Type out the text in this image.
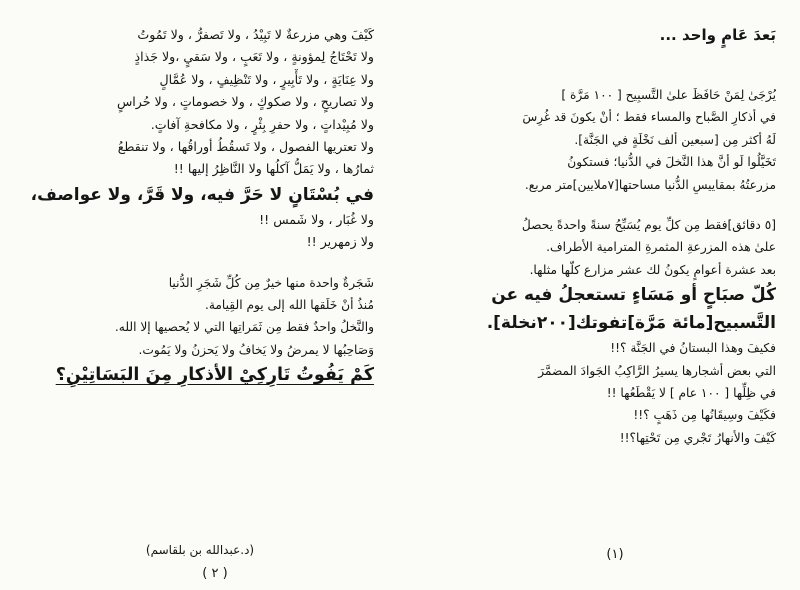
كَيْفَ وهي مزرعةٌ لا تَبِيْدُ ، ولا تَصفرُّ ، ولا تَمُوتُ
ولا تَحْتَاجُ لِمؤونةٍ ، ولا تَعَبٍ ، ولا سَقيٍ ،ولا جَذاذٍ
ولا عِنَايَةٍ ، ولا تَأْبِيرٍ ، ولا تَنْظِيفٍ ، ولا عُمَّالٍ
ولا تصاريحٍ ، ولا صكوكٍ ، ولا خصوماتٍ ، ولا حُراسٍ
ولا مُبِيْداتٍ ، ولا حفرِ بِئْرٍ ، ولا مكافحةِ آفاتٍ.
ولا تعتريها الفصول ، ولا تَسقُطُ أوراقُها ، ولا تنقطعُ
ثمارُها ، ولا يَمَلُّ آكلُها ولا النَّاظِرُ إليها !!
في بُسْتَانٍ لا حَرَّ فيه، ولا قَرَّ، ولا عواصف،
ولا غُبَار ، ولا شَمس !!
ولا زمهرير !!
شَجَرةٌ واحدة منها خيرٌ مِن كُلِّ شَجَرِ الدُّنيا
مُنذُ أنْ خَلَقها الله إلى يوم القِيامة.
والنَّخلُ واحدٌ فقط مِن ثَمَراتِها التي لا يُحصيها إلا الله.
وَصَاحِبُها لا يمرضُ ولا يَخافُ ولا يَحزنُ ولا يَمُوت.
كَمْ يَفُوتُ تَارِكِيْ الأذكارِ مِنَ البَسَاتِيْنِ؟
(د.عبدالله بن بلقاسم)
( ٢ )
بَعدَ عَامٍ واحد ...
يُرْجَىٰ لِمَنْ حَافَظَ علىٰ التَّسبِيح [ ١٠٠ مَرَّة ]
في أذكارِ الصَّباح والمساء فقط ؛ أنْ يكونَ قد غُرِسَ
لَهُ أكثر مِن [سبعين ألف نَخْلَةٍ في الجَنَّة].
تَخَيَّلُوا لَو أنَّ هذا النَّخلَ في الدُّنيا؛ فستكونُ
مزرعتُهُ بمقاييسِ الدُّنيا مساحتها[٧ملايين]متر مربع.
[٥ دقائق]فقط مِن كلِّ يوم يُسَبِّحُ سنةً واحدةً يحصلُ
علىٰ هذه المزرعةِ المثمرةِ المترامية الأطراف.
بعد عشرة أعوامٍ يكونُ لك عشر مزارع كلّها مثلها.
كُلّ صبَاحٍ أو مَسَاءٍ تستعجلُ فيه عن
التَّسبيح[مائة مَرَّة]تفوتك[٢٠٠نخلة].
فكيفَ وهذا البستانُ في الجَنَّة ؟!!
التي بعض أشجارها يسيرُ الرَّاكِبُ الجَوادَ المضمَّرَ
في ظِلِّها [ ١٠٠ عام ] لا يَقْطَعُها !!
فكَيْفَ وسِيقَانُها مِن ذَهَبٍ ؟!!
كَيْفَ والأنهارُ تَجْري مِن تَحْتِها؟!!
(١)
